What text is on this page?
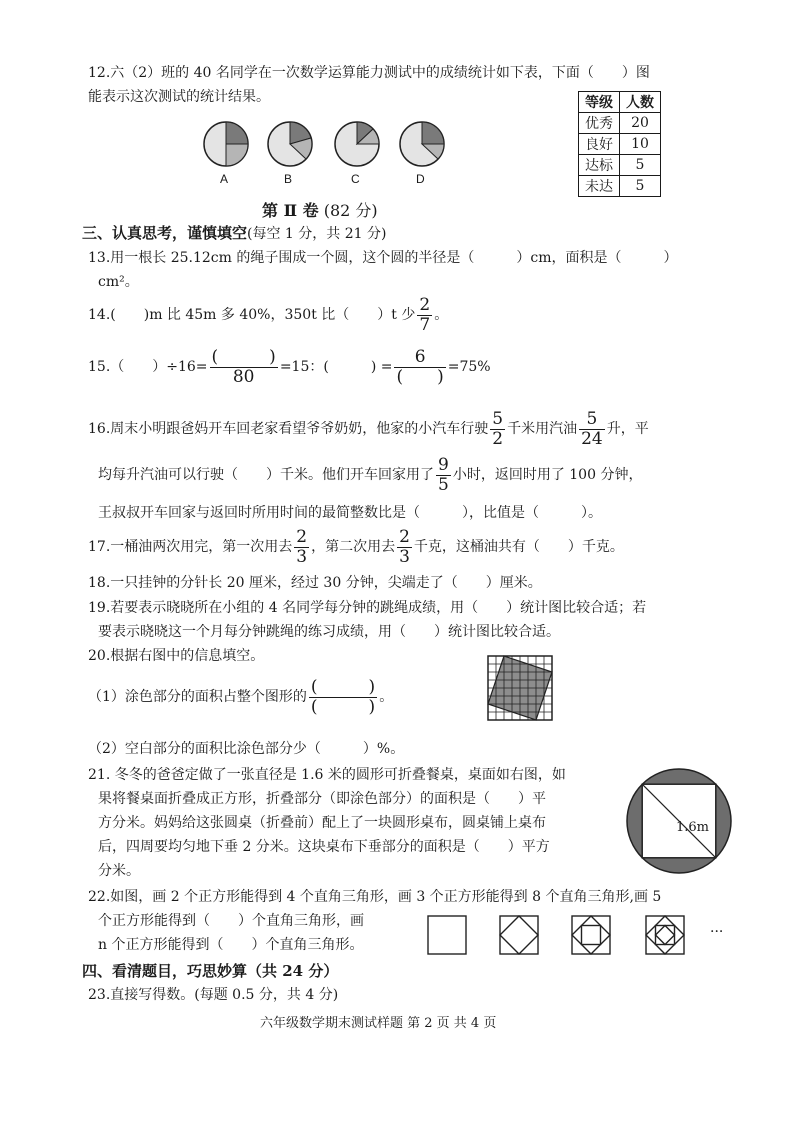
12.六（2）班的 40 名同学在一次数学运算能力测试中的成绩统计如下表，下面（　　）图
能表示这次测试的统计结果。	等级	人数
优秀	20
良好	10
达标	5
未达	5
A	B	C	D
第 Ⅱ 卷 (82 分)
三、认真思考，谨慎填空(每空 1 分，共 21 分)
13.用一根长 25.12cm 的绳子围成一个圆，这个圆的半径是（　　　）cm，面积是（　　　）
cm²。
14.(　　)m 比 45m 多 40%，350t 比（　　）t 少 $\frac{2}{7}$ 。
15.（　　）$\div 16= \frac{( )}{80} =15$：(　　　) = $\frac{6}{( )} =75\%$
16.周末小明跟爸妈开车回老家看望爷爷奶奶，他家的小汽车行驶 $\frac{5}{2}$ 千米用汽油 $\frac{5}{24}$ 升，平
均每升汽油可以行驶（　　）千米。他们开车回家用了 $\frac{9}{5}$ 小时，返回时用了 100 分钟，
王叔叔开车回家与返回时所用时间的最简整数比是（　　　），比值是（　　　）。
17.一桶油两次用完，第一次用去 $\frac{2}{3}$ ，第二次用去 $\frac{2}{3}$ 千克，这桶油共有（　　）千克。
18.一只挂钟的分针长 20 厘米，经过 30 分钟，尖端走了（　　）厘米。
19.若要表示晓晓所在小组的 4 名同学每分钟的跳绳成绩，用（　　）统计图比较合适；若
要表示晓晓这一个月每分钟跳绳的练习成绩，用（　　）统计图比较合适。
20.根据右图中的信息填空。
（1）涂色部分的面积占整个图形的 $\frac{( )}{( )}$ 。
（2）空白部分的面积比涂色部分少（　　　）%。
21. 冬冬的爸爸定做了一张直径是 1.6 米的圆形可折叠餐桌，桌面如右图，如
果将餐桌面折叠成正方形，折叠部分（即涂色部分）的面积是（　　）平
方分米。妈妈给这张圆桌（折叠前）配上了一块圆形桌布，圆桌铺上桌布
后，四周要均匀地下垂 2 分米。这块桌布下垂部分的面积是（　　）平方
分米。
1.6m
22.如图，画 2 个正方形能得到 4 个直角三角形，画 3 个正方形能得到 8 个直角三角形,画 5
个正方形能得到（　　）个直角三角形，画
n 个正方形能得到（　　）个直角三角形。
···
四、看清题目，巧思妙算（共 24 分）
23.直接写得数。(每题 0.5 分，共 4 分)
六年级数学期末测试样题 第 2 页 共 4 页
